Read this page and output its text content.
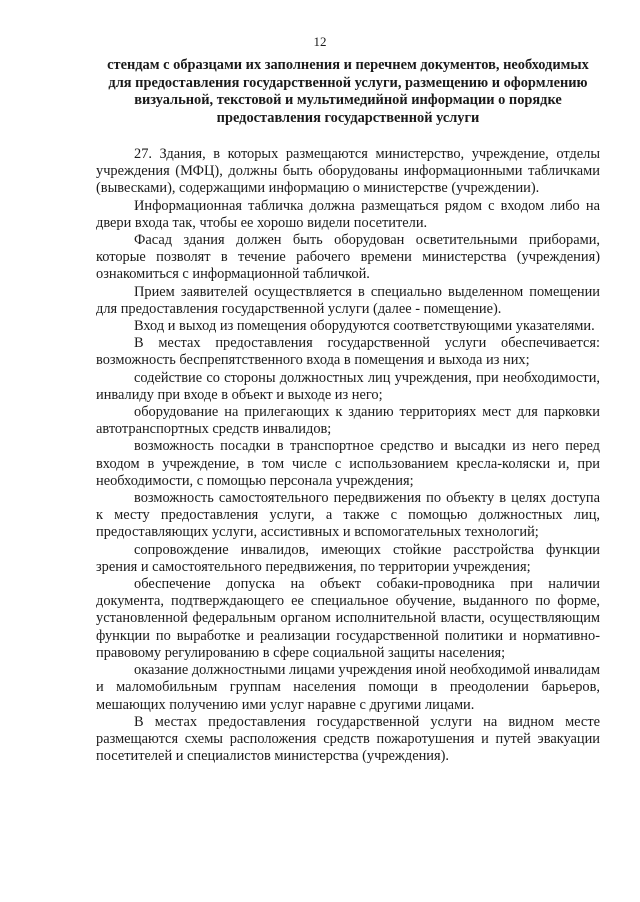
12
стендам с образцами их заполнения и перечнем документов, необходимых для предоставления государственной услуги, размещению и оформлению визуальной, текстовой и мультимедийной информации о порядке предоставления государственной услуги

27. Здания, в которых размещаются министерство, учреждение, отделы учреждения (МФЦ), должны быть оборудованы информационными табличками (вывесками), содержащими информацию о министерстве (учреждении).

Информационная табличка должна размещаться рядом с входом либо на двери входа так, чтобы ее хорошо видели посетители.

Фасад здания должен быть оборудован осветительными приборами, которые позволят в течение рабочего времени министерства (учреждения) ознакомиться с информационной табличкой.

Прием заявителей осуществляется в специально выделенном помещении для предоставления государственной услуги (далее - помещение).

Вход и выход из помещения оборудуются соответствующими указателями.

В местах предоставления государственной услуги обеспечивается: возможность беспрепятственного входа в помещения и выхода из них;

содействие со стороны должностных лиц учреждения, при необходимости, инвалиду при входе в объект и выходе из него;

оборудование на прилегающих к зданию территориях мест для парковки автотранспортных средств инвалидов;

возможность посадки в транспортное средство и высадки из него перед входом в учреждение, в том числе с использованием кресла-коляски и, при необходимости, с помощью персонала учреждения;

возможность самостоятельного передвижения по объекту в целях доступа к месту предоставления услуги, а также с помощью должностных лиц, предоставляющих услуги, ассистивных и вспомогательных технологий;

сопровождение инвалидов, имеющих стойкие расстройства функции зрения и самостоятельного передвижения, по территории учреждения;

обеспечение допуска на объект собаки-проводника при наличии документа, подтверждающего ее специальное обучение, выданного по форме, установленной федеральным органом исполнительной власти, осуществляющим функции по выработке и реализации государственной политики и нормативно-правовому регулированию в сфере социальной защиты населения;

оказание должностными лицами учреждения иной необходимой инвалидам и маломобильным группам населения помощи в преодолении барьеров, мешающих получению ими услуг наравне с другими лицами.

В местах предоставления государственной услуги на видном месте размещаются схемы расположения средств пожаротушения и путей эвакуации посетителей и специалистов министерства (учреждения).
